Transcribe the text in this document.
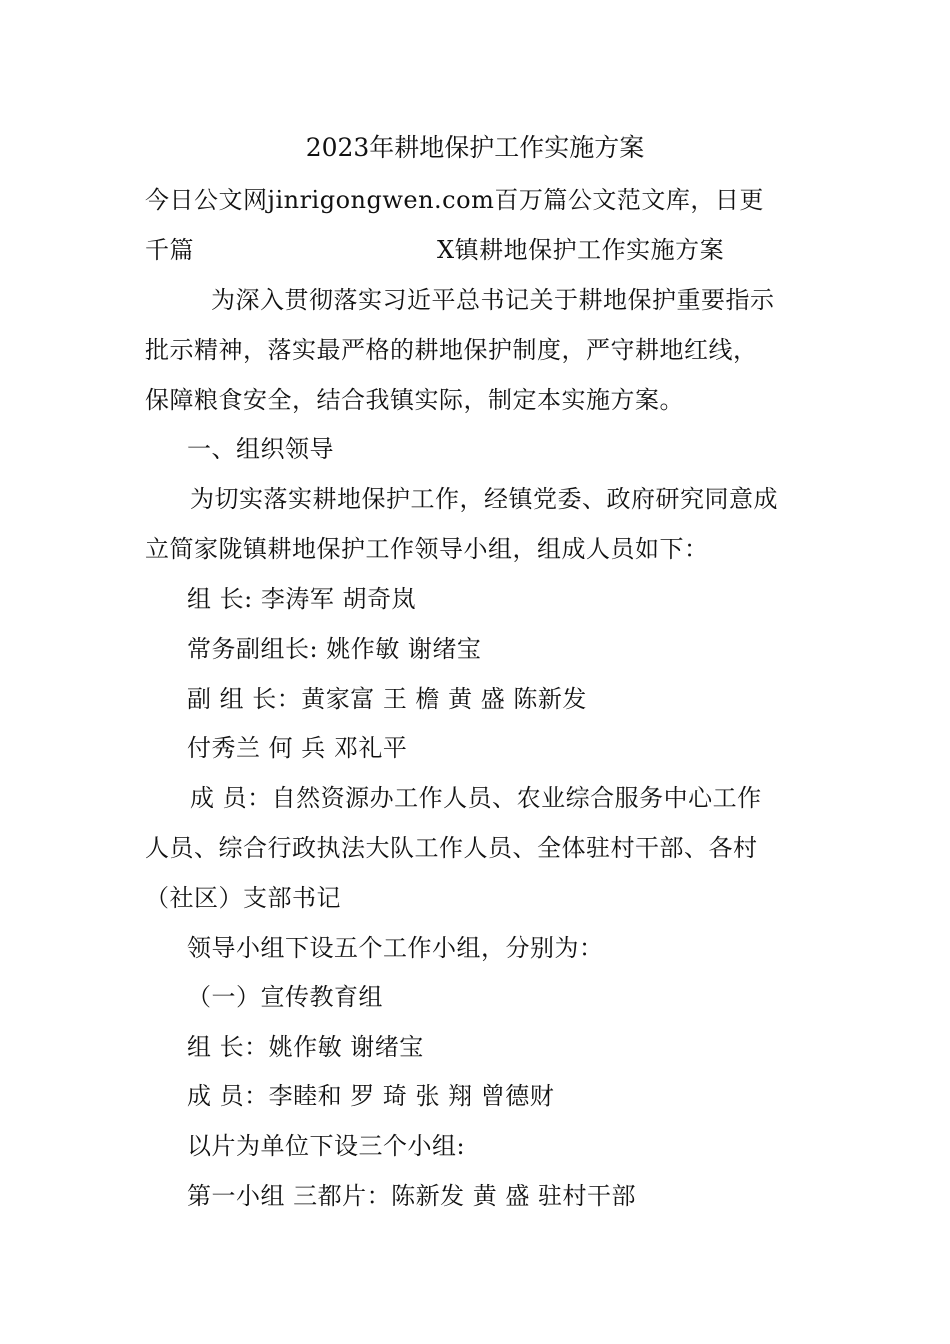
2023年耕地保护工作实施方案
今日公文网jinrigongwen.com百万篇公文范文库，日更
千篇	X镇耕地保护工作实施方案
为深入贯彻落实习近平总书记关于耕地保护重要指示
批示精神，落实最严格的耕地保护制度，严守耕地红线，
保障粮食安全，结合我镇实际，制定本实施方案。
一、组织领导
为切实落实耕地保护工作，经镇党委、政府研究同意成
立简家陇镇耕地保护工作领导小组，组成人员如下：
组 长: 李涛军 胡奇岚
常务副组长: 姚作敏 谢绪宝
副 组 长：黄家富 王 檐 黄 盛 陈新发
付秀兰 何 兵 邓礼平
成 员：自然资源办工作人员、农业综合服务中心工作
人员、综合行政执法大队工作人员、全体驻村干部、各村
（社区）支部书记
领导小组下设五个工作小组，分别为：
（一）宣传教育组
组 长：姚作敏 谢绪宝
成 员：李睦和 罗 琦 张 翔 曾德财
以片为单位下设三个小组:
第一小组 三都片：陈新发 黄 盛 驻村干部
